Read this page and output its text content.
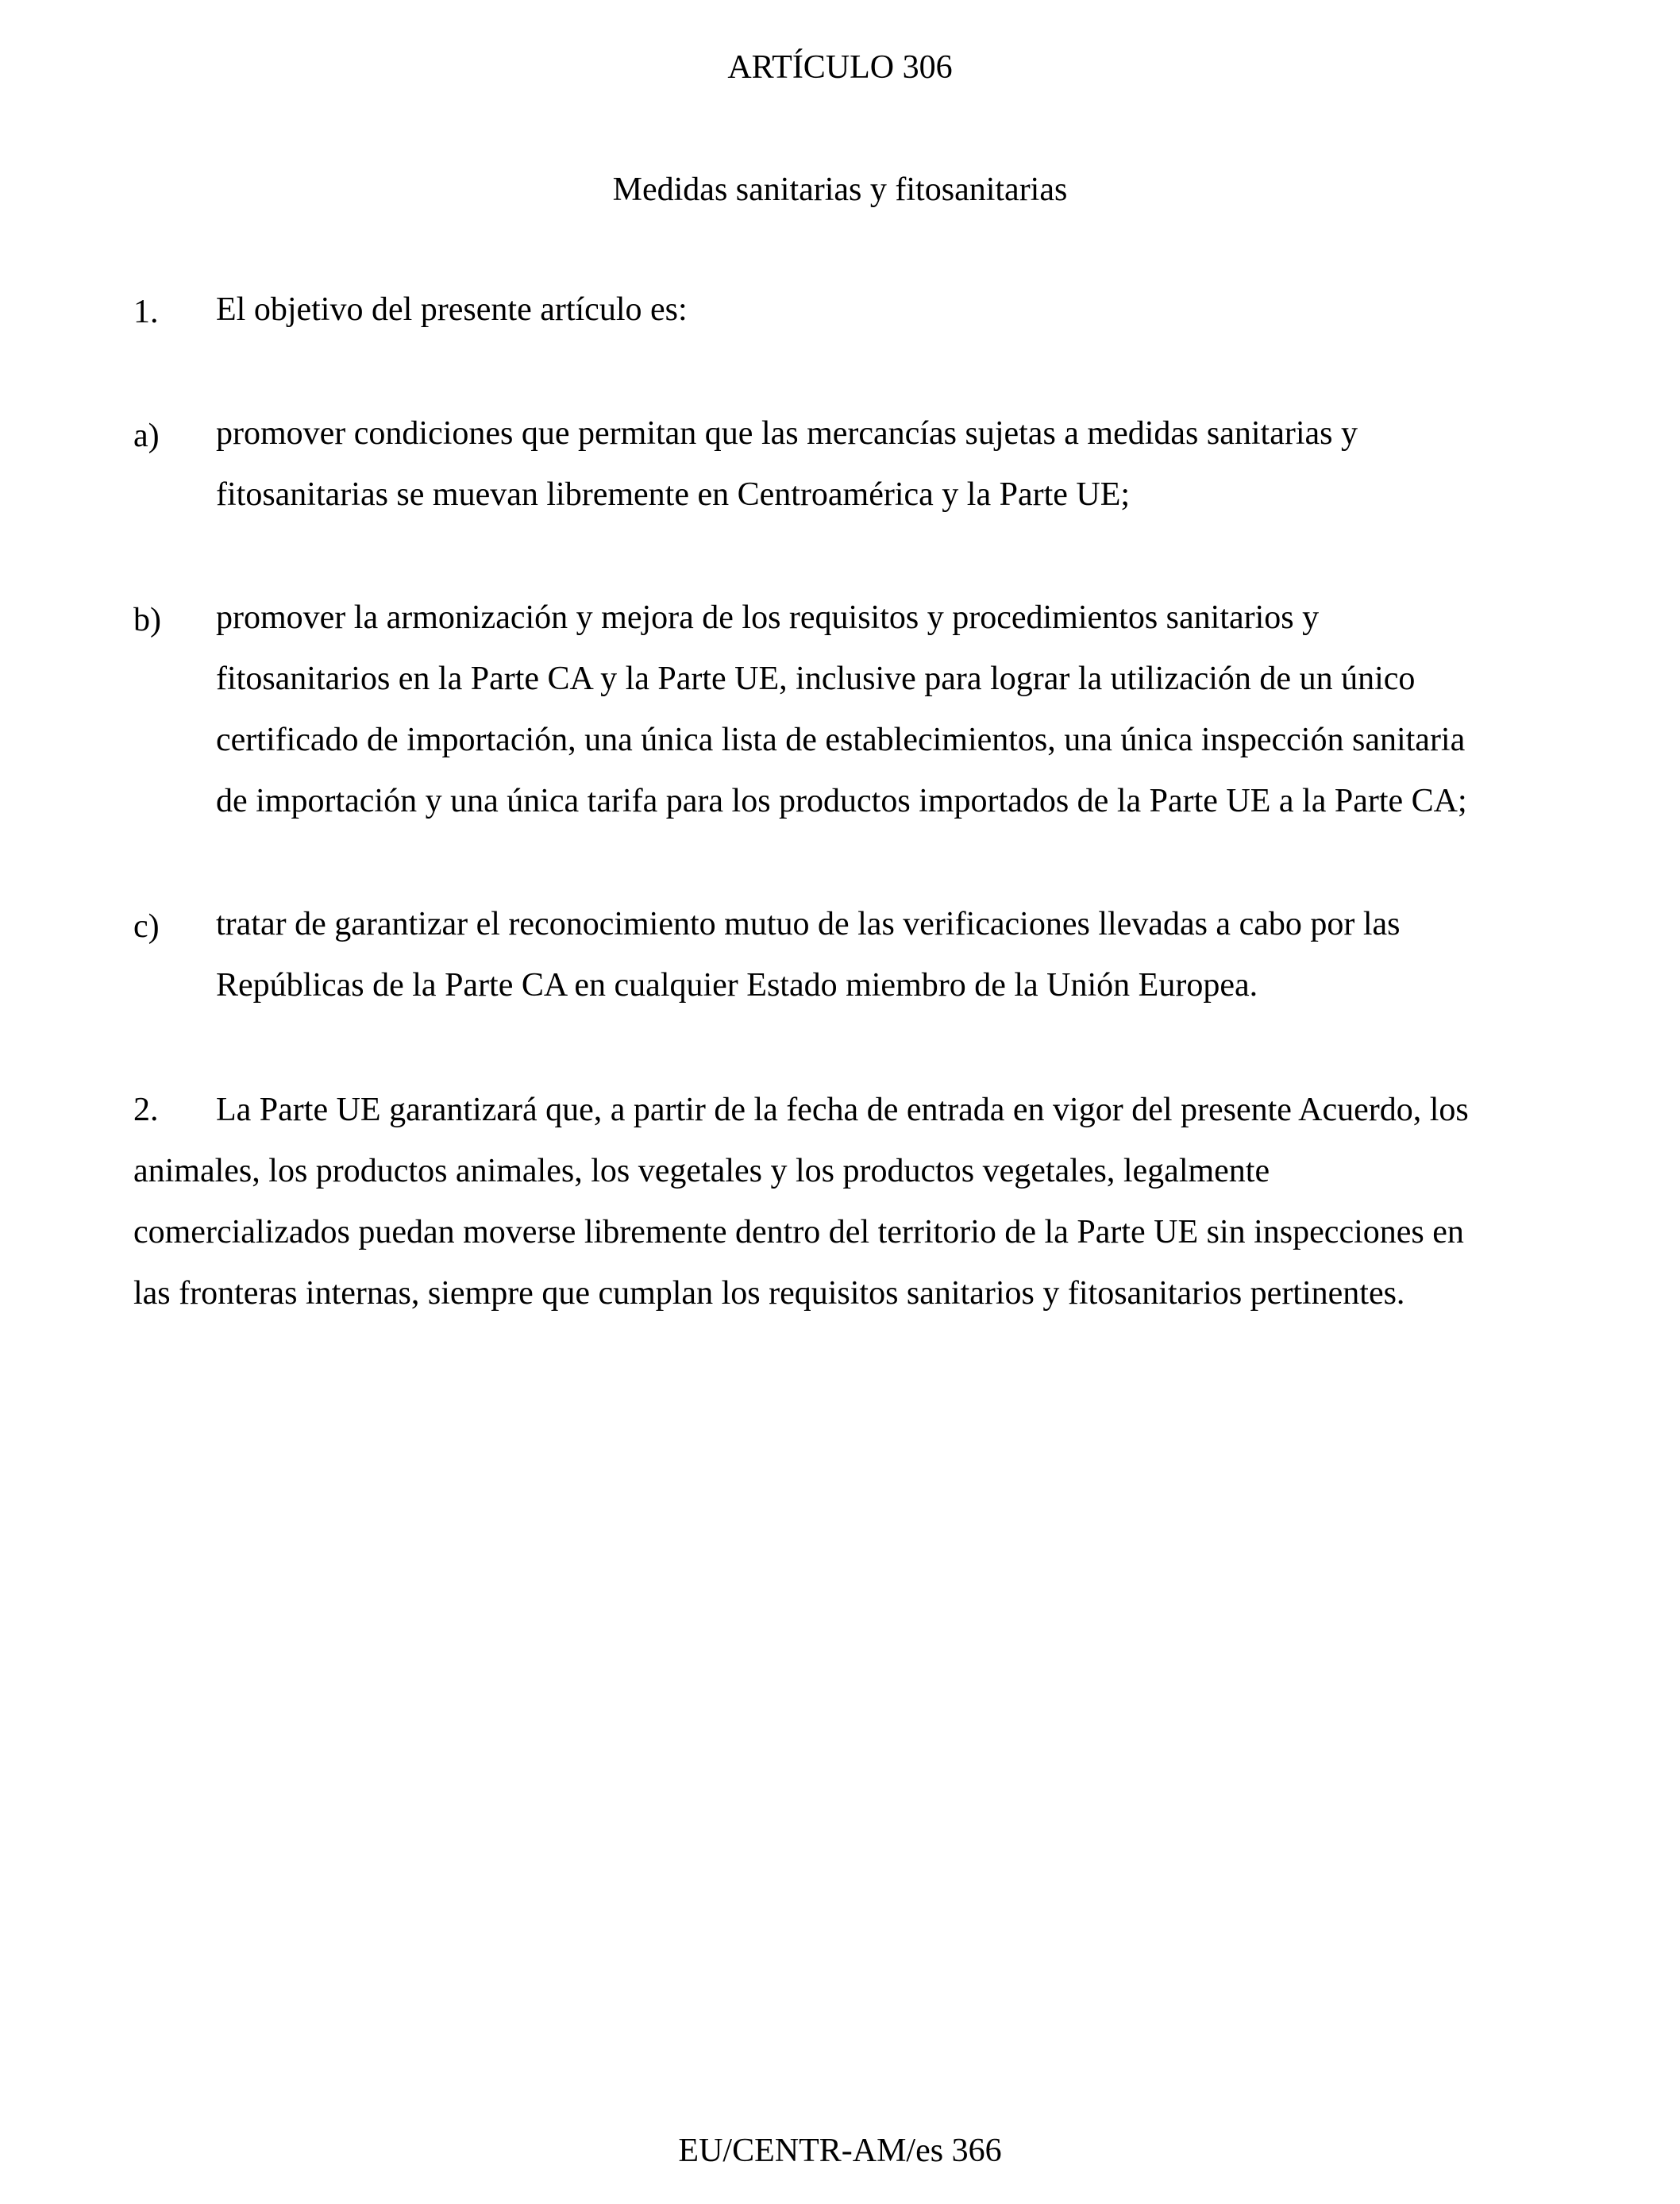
ARTÍCULO 306
Medidas sanitarias y fitosanitarias
1. El objetivo del presente artículo es:
a) promover condiciones que permitan que las mercancías sujetas a medidas sanitarias y
fitosanitarias se muevan libremente en Centroamérica y la Parte UE;
b) promover la armonización y mejora de los requisitos y procedimientos sanitarios y
fitosanitarios en la Parte CA y la Parte UE, inclusive para lograr la utilización de un único
certificado de importación, una única lista de establecimientos, una única inspección sanitaria
de importación y una única tarifa para los productos importados de la Parte UE a la Parte CA;
c) tratar de garantizar el reconocimiento mutuo de las verificaciones llevadas a cabo por las
Repúblicas de la Parte CA en cualquier Estado miembro de la Unión Europea.
2. La Parte UE garantizará que, a partir de la fecha de entrada en vigor del presente Acuerdo, los
animales, los productos animales, los vegetales y los productos vegetales, legalmente
comercializados puedan moverse libremente dentro del territorio de la Parte UE sin inspecciones en
las fronteras internas, siempre que cumplan los requisitos sanitarios y fitosanitarios pertinentes.
EU/CENTR-AM/es 366
